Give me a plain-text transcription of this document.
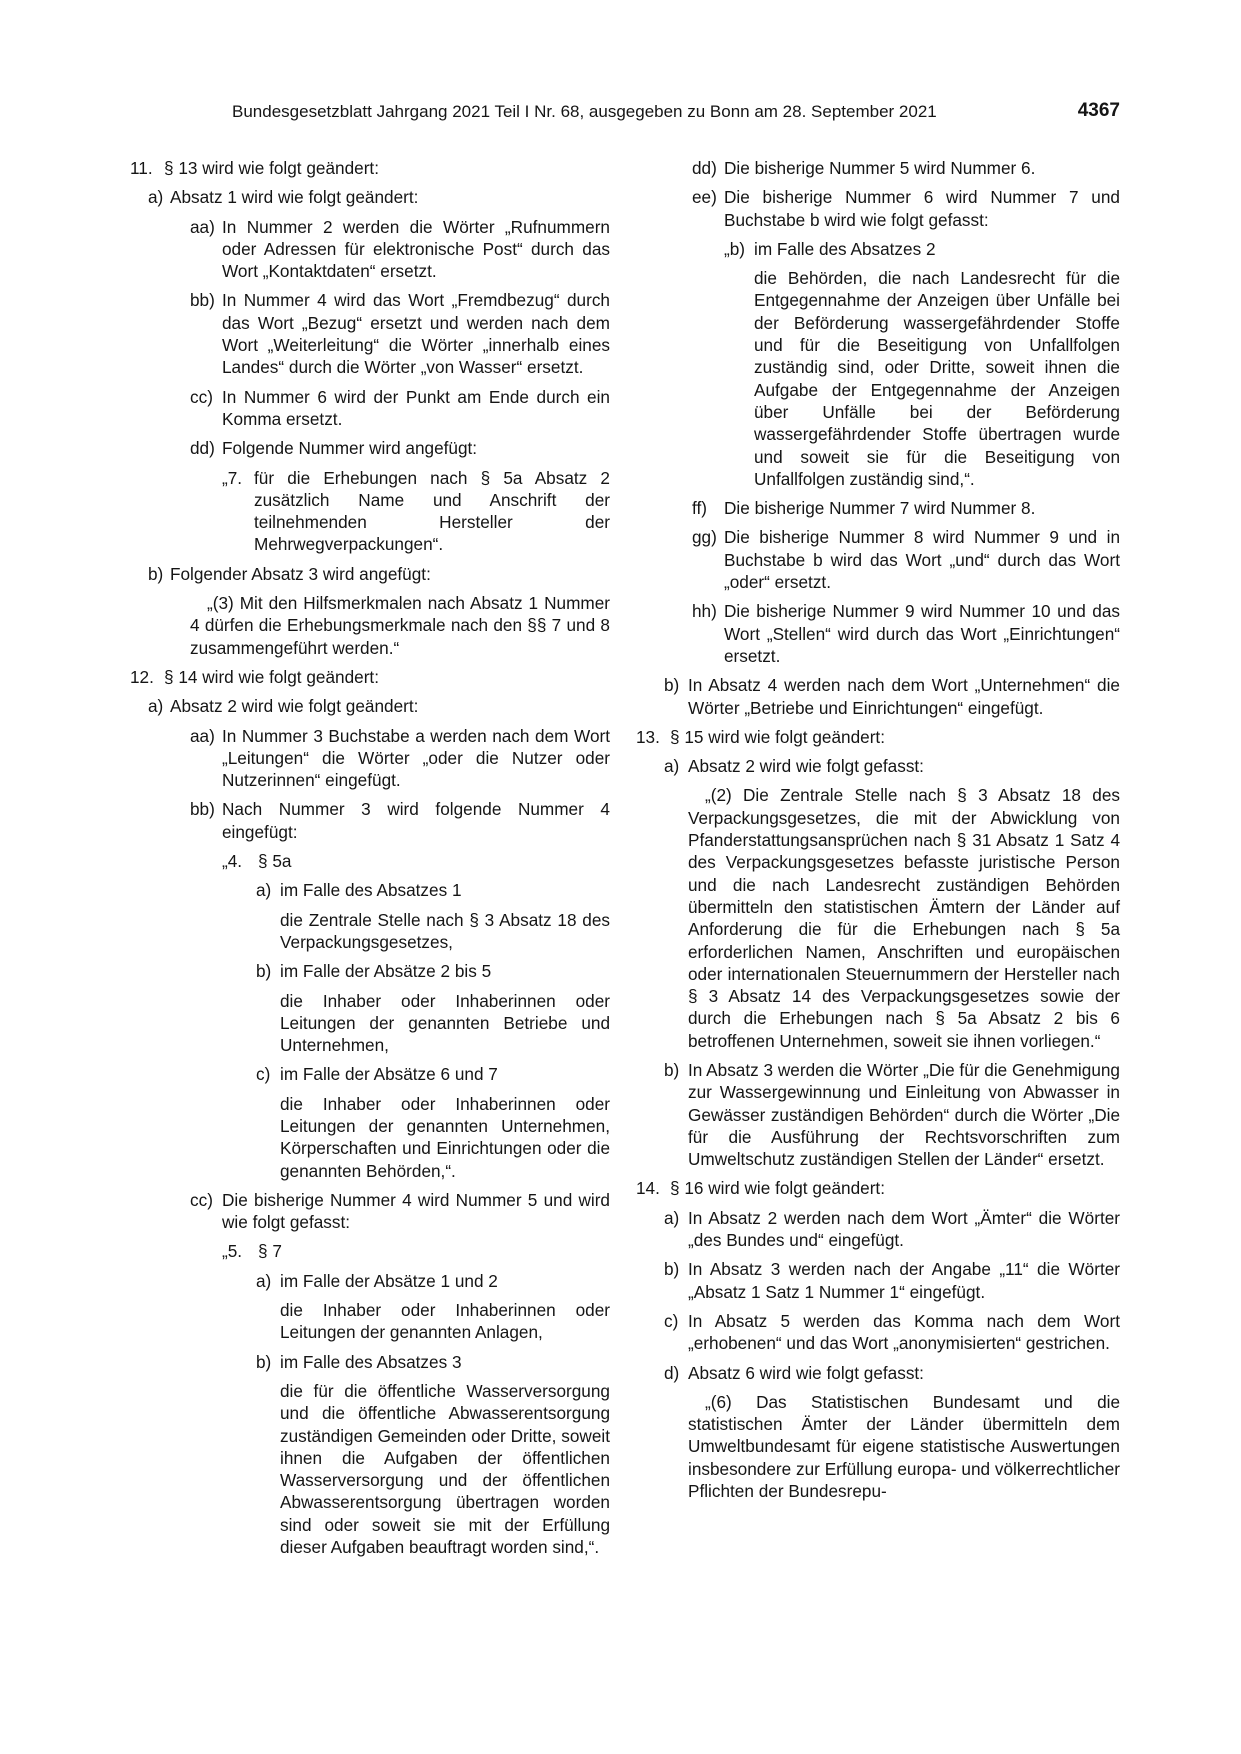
Bundesgesetzblatt Jahrgang 2021 Teil I Nr. 68, ausgegeben zu Bonn am 28. September 2021	4367
11. § 13 wird wie folgt geändert:
a) Absatz 1 wird wie folgt geändert:
aa) In Nummer 2 werden die Wörter „Rufnummern oder Adressen für elektronische Post“ durch das Wort „Kontaktdaten“ ersetzt.
bb) In Nummer 4 wird das Wort „Fremdbezug“ durch das Wort „Bezug“ ersetzt und werden nach dem Wort „Weiterleitung“ die Wörter „innerhalb eines Landes“ durch die Wörter „von Wasser“ ersetzt.
cc) In Nummer 6 wird der Punkt am Ende durch ein Komma ersetzt.
dd) Folgende Nummer wird angefügt:
„7. für die Erhebungen nach § 5a Absatz 2 zusätzlich Name und Anschrift der teilnehmenden Hersteller der Mehrwegverpackungen“.
b) Folgender Absatz 3 wird angefügt:
„(3) Mit den Hilfsmerkmalen nach Absatz 1 Nummer 4 dürfen die Erhebungsmerkmale nach den §§ 7 und 8 zusammengeführt werden.“
12. § 14 wird wie folgt geändert:
a) Absatz 2 wird wie folgt geändert:
aa) In Nummer 3 Buchstabe a werden nach dem Wort „Leitungen“ die Wörter „oder die Nutzer oder Nutzerinnen“ eingefügt.
bb) Nach Nummer 3 wird folgende Nummer 4 eingefügt:
„4. § 5a
a) im Falle des Absatzes 1
die Zentrale Stelle nach § 3 Absatz 18 des Verpackungsgesetzes,
b) im Falle der Absätze 2 bis 5
die Inhaber oder Inhaberinnen oder Leitungen der genannten Betriebe und Unternehmen,
c) im Falle der Absätze 6 und 7
die Inhaber oder Inhaberinnen oder Leitungen der genannten Unternehmen, Körperschaften und Einrichtungen oder die genannten Behörden,“.
cc) Die bisherige Nummer 4 wird Nummer 5 und wird wie folgt gefasst:
„5. § 7
a) im Falle der Absätze 1 und 2
die Inhaber oder Inhaberinnen oder Leitungen der genannten Anlagen,
b) im Falle des Absatzes 3
die für die öffentliche Wasserversorgung und die öffentliche Abwasserentsorgung zuständigen Gemeinden oder Dritte, soweit ihnen die Aufgaben der öffentlichen Wasserversorgung und der öffentlichen Abwasserentsorgung übertragen worden sind oder soweit sie mit der Erfüllung dieser Aufgaben beauftragt worden sind,“.
dd) Die bisherige Nummer 5 wird Nummer 6.
ee) Die bisherige Nummer 6 wird Nummer 7 und Buchstabe b wird wie folgt gefasst:
„b) im Falle des Absatzes 2
die Behörden, die nach Landesrecht für die Entgegennahme der Anzeigen über Unfälle bei der Beförderung wassergefährdender Stoffe und für die Beseitigung von Unfallfolgen zuständig sind, oder Dritte, soweit ihnen die Aufgabe der Entgegennahme der Anzeigen über Unfälle bei der Beförderung wassergefährdender Stoffe übertragen wurde und soweit sie für die Beseitigung von Unfallfolgen zuständig sind,“.
ff) Die bisherige Nummer 7 wird Nummer 8.
gg) Die bisherige Nummer 8 wird Nummer 9 und in Buchstabe b wird das Wort „und“ durch das Wort „oder“ ersetzt.
hh) Die bisherige Nummer 9 wird Nummer 10 und das Wort „Stellen“ wird durch das Wort „Einrichtungen“ ersetzt.
b) In Absatz 4 werden nach dem Wort „Unternehmen“ die Wörter „Betriebe und Einrichtungen“ eingefügt.
13. § 15 wird wie folgt geändert:
a) Absatz 2 wird wie folgt gefasst:
„(2) Die Zentrale Stelle nach § 3 Absatz 18 des Verpackungsgesetzes, die mit der Abwicklung von Pfanderstattungsansprüchen nach § 31 Absatz 1 Satz 4 des Verpackungsgesetzes befasste juristische Person und die nach Landesrecht zuständigen Behörden übermitteln den statistischen Ämtern der Länder auf Anforderung die für die Erhebungen nach § 5a erforderlichen Namen, Anschriften und europäischen oder internationalen Steuernummern der Hersteller nach § 3 Absatz 14 des Verpackungsgesetzes sowie der durch die Erhebungen nach § 5a Absatz 2 bis 6 betroffenen Unternehmen, soweit sie ihnen vorliegen.“
b) In Absatz 3 werden die Wörter „Die für die Genehmigung zur Wassergewinnung und Einleitung von Abwasser in Gewässer zuständigen Behörden“ durch die Wörter „Die für die Ausführung der Rechtsvorschriften zum Umweltschutz zuständigen Stellen der Länder“ ersetzt.
14. § 16 wird wie folgt geändert:
a) In Absatz 2 werden nach dem Wort „Ämter“ die Wörter „des Bundes und“ eingefügt.
b) In Absatz 3 werden nach der Angabe „11“ die Wörter „Absatz 1 Satz 1 Nummer 1“ eingefügt.
c) In Absatz 5 werden das Komma nach dem Wort „erhobenen“ und das Wort „anonymisierten“ gestrichen.
d) Absatz 6 wird wie folgt gefasst:
„(6) Das Statistischen Bundesamt und die statistischen Ämter der Länder übermitteln dem Umweltbundesamt für eigene statistische Auswertungen insbesondere zur Erfüllung europa- und völkerrechtlicher Pflichten der Bundesrepu-
